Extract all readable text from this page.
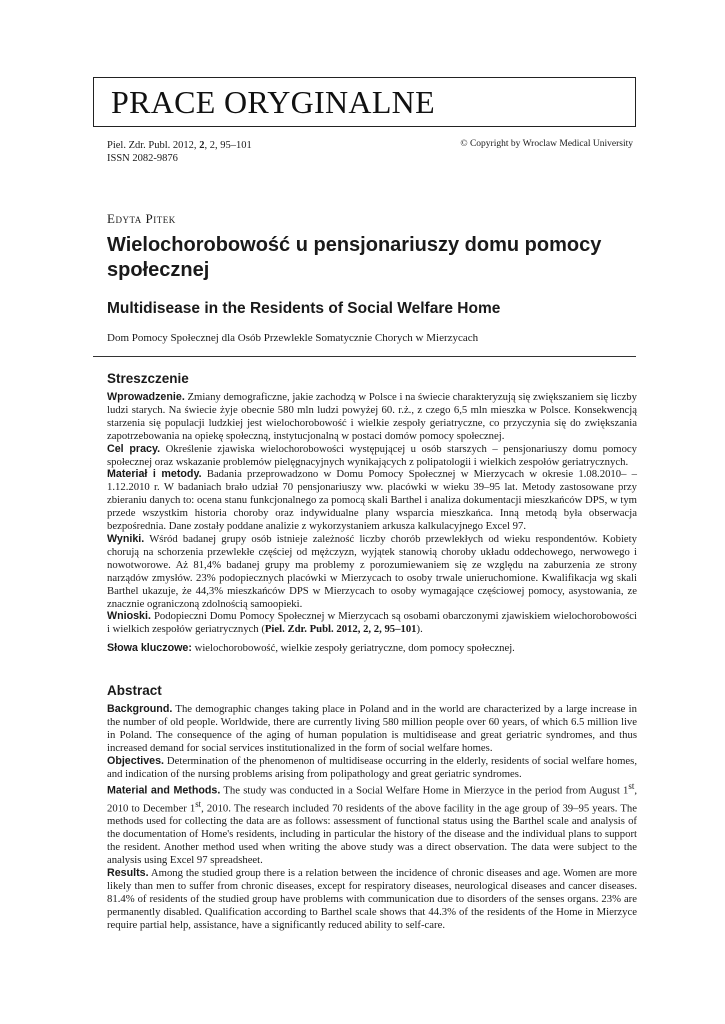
PRACE ORYGINALNE
Piel. Zdr. Publ. 2012, 2, 2, 95–101
ISSN 2082-9876
© Copyright by Wroclaw Medical University
Edyta Pitek
Wielochorobowość u pensjonariuszy domu pomocy społecznej
Multidisease in the Residents of Social Welfare Home
Dom Pomocy Społecznej dla Osób Przewlekle Somatycznie Chorych w Mierzycach
Streszczenie

Wprowadzenie. Zmiany demograficzne, jakie zachodzą w Polsce i na świecie charakteryzują się zwiększaniem się liczby ludzi starych. Na świecie żyje obecnie 580 mln ludzi powyżej 60. r.ż., z czego 6,5 mln mieszka w Polsce. Konsekwencją starzenia się populacji ludzkiej jest wielochorobowość i wielkie zespoły geriatryczne, co przyczynia się do zwiększania zapotrzebowania na opiekę społeczną, instytucjonalną w postaci domów pomocy społecznej.

Cel pracy. Określenie zjawiska wielochorobowości występującej u osób starszych – pensjonariuszy domu pomocy społecznej oraz wskazanie problemów pielęgnacyjnych wynikających z polipatologii i wielkich zespołów geriatrycznych.

Materiał i metody. Badania przeprowadzono w Domu Pomocy Społecznej w Mierzycach w okresie 1.08.2010– –1.12.2010 r. W badaniach brało udział 70 pensjonariuszy ww. placówki w wieku 39–95 lat. Metody zastosowane przy zbieraniu danych to: ocena stanu funkcjonalnego za pomocą skali Barthel i analiza dokumentacji mieszkańców DPS, w tym przede wszystkim historia choroby oraz indywidualne plany wsparcia mieszkańca. Inną metodą była obserwacja bezpośrednia. Dane zostały poddane analizie z wykorzystaniem arkusza kalkulacyjnego Excel 97.

Wyniki. Wśród badanej grupy osób istnieje zależność liczby chorób przewlekłych od wieku respondentów. Kobiety chorują na schorzenia przewlekłe częściej od mężczyzn, wyjątek stanowią choroby układu oddechowego, nerwowego i nowotworowe. Aż 81,4% badanej grupy ma problemy z porozumiewaniem się ze względu na zaburzenia ze strony narządów zmysłów. 23% podopiecznych placówki w Mierzycach to osoby trwale unieruchomione. Kwalifikacja wg skali Barthel ukazuje, że 44,3% mieszkańców DPS w Mierzycach to osoby wymagające częściowej pomocy, asystowania, ze znacznie ograniczoną zdolnością samoopieki.

Wnioski. Podopieczni Domu Pomocy Społecznej w Mierzycach są osobami obarczonymi zjawiskiem wielochorobowości i wielkich zespołów geriatrycznych (Piel. Zdr. Publ. 2012, 2, 2, 95–101).

Słowa kluczowe: wielochorobowość, wielkie zespoły geriatryczne, dom pomocy społecznej.

Abstract

Background. The demographic changes taking place in Poland and in the world are characterized by a large increase in the number of old people. Worldwide, there are currently living 580 million people over 60 years, of which 6.5 million live in Poland. The consequence of the aging of human population is multidisease and great geriatric syndromes, and thus increased demand for social services institutionalized in the form of social welfare homes.

Objectives. Determination of the phenomenon of multidisease occurring in the elderly, residents of social welfare homes, and indication of the nursing problems arising from polipathology and great geriatric syndromes.

Material and Methods. The study was conducted in a Social Welfare Home in Mierzyce in the period from August 1st, 2010 to December 1st, 2010. The research included 70 residents of the above facility in the age group of 39–95 years. The methods used for collecting the data are as follows: assessment of functional status using the Barthel scale and analysis of the documentation of Home's residents, including in particular the history of the disease and the individual plans to support the resident. Another method used when writing the above study was a direct observation. The data were subject to the analysis using Excel 97 spreadsheet.

Results. Among the studied group there is a relation between the incidence of chronic diseases and age. Women are more likely than men to suffer from chronic diseases, except for respiratory diseases, neurological diseases and cancer diseases. 81.4% of residents of the studied group have problems with communication due to disorders of the senses organs. 23% are permanently disabled. Qualification according to Barthel scale shows that 44.3% of the residents of the Home in Mierzyce require partial help, assistance, have a significantly reduced ability to self-care.
